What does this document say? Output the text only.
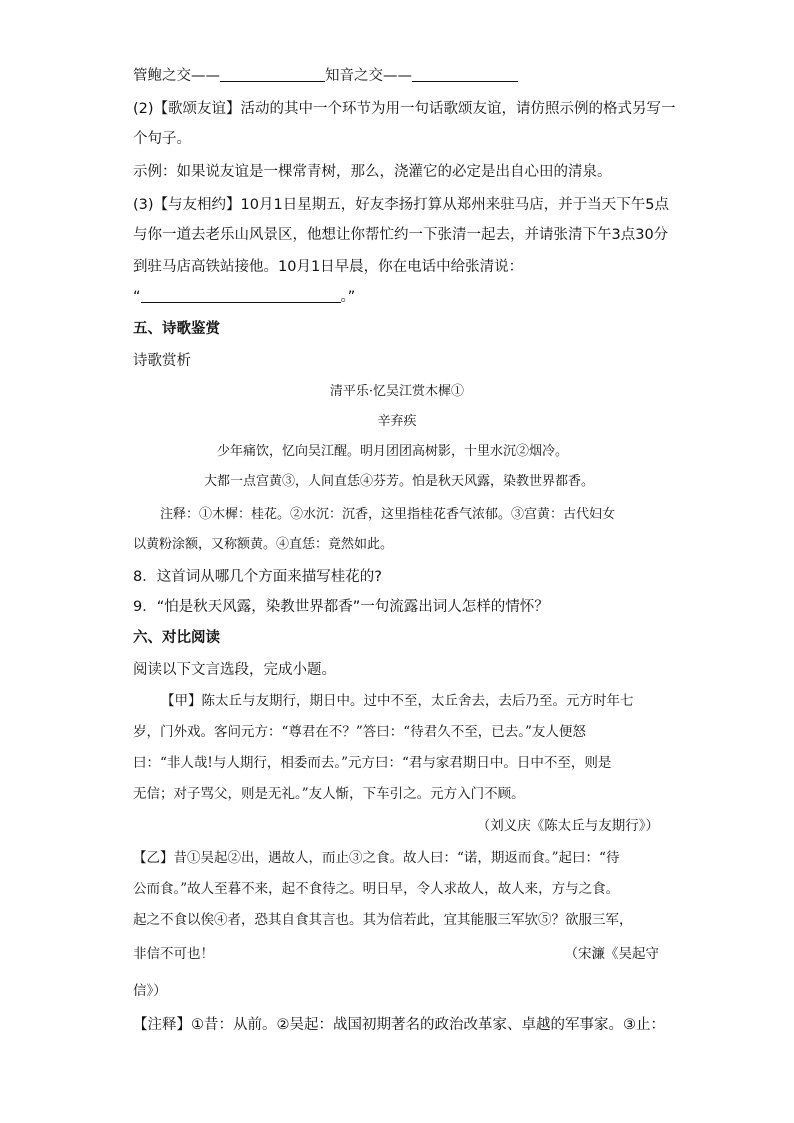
管鲍之交——	知音之交——
(2)【歌颂友谊】活动的其中一个环节为用一句话歌颂友谊，请仿照示例的格式另写一
个句子。
示例：如果说友谊是一棵常青树，那么，浇灌它的必定是出自心田的清泉。
(3)【与友相约】10月1日星期五，好友李扬打算从郑州来驻马店，并于当天下午5点
与你一道去老乐山风景区，他想让你帮忙约一下张清一起去，并请张清下午3点30分
到驻马店高铁站接他。10月1日早晨，你在电话中给张清说：
“	。”
五、诗歌鉴赏
诗歌赏析
清平乐·忆吴江赏木樨①
辛弃疾
少年痛饮，忆向吴江醒。明月团团高树影，十里水沉②烟冷。
大都一点宫黄③，人间直恁④芬芳。怕是秋天风露，染教世界都香。
注释：①木樨：桂花。②水沉：沉香，这里指桂花香气浓郁。③宫黄：古代妇女
以黄粉涂额，又称额黄。④直恁：竟然如此。
8．这首词从哪几个方面来描写桂花的?
9．“怕是秋天风露，染教世界都香”一句流露出词人怎样的情怀？
六、对比阅读
阅读以下文言选段，完成小题。
【甲】陈太丘与友期行，期日中。过中不至，太丘舍去，去后乃至。元方时年七
岁，门外戏。客问元方：“尊君在不？”答曰：“待君久不至，已去。”友人便怒
曰：“非人哉!与人期行，相委而去。”元方曰：“君与家君期日中。日中不至，则是
无信；对子骂父，则是无礼。”友人惭，下车引之。元方入门不顾。
（刘义庆《陈太丘与友期行》）
【乙】昔①吴起②出，遇故人，而止③之食。故人曰：“诺，期返而食。”起曰：“待
公而食。”故人至暮不来，起不食待之。明日早，令人求故人，故人来，方与之食。
起之不食以俟④者，恐其自食其言也。其为信若此，宜其能服三军欤⑤？欲服三军，
非信不可也！	（宋濂《吴起守
信》）
【注释】①昔：从前。②吴起：战国初期著名的政治改革家、卓越的军事家。③止：
